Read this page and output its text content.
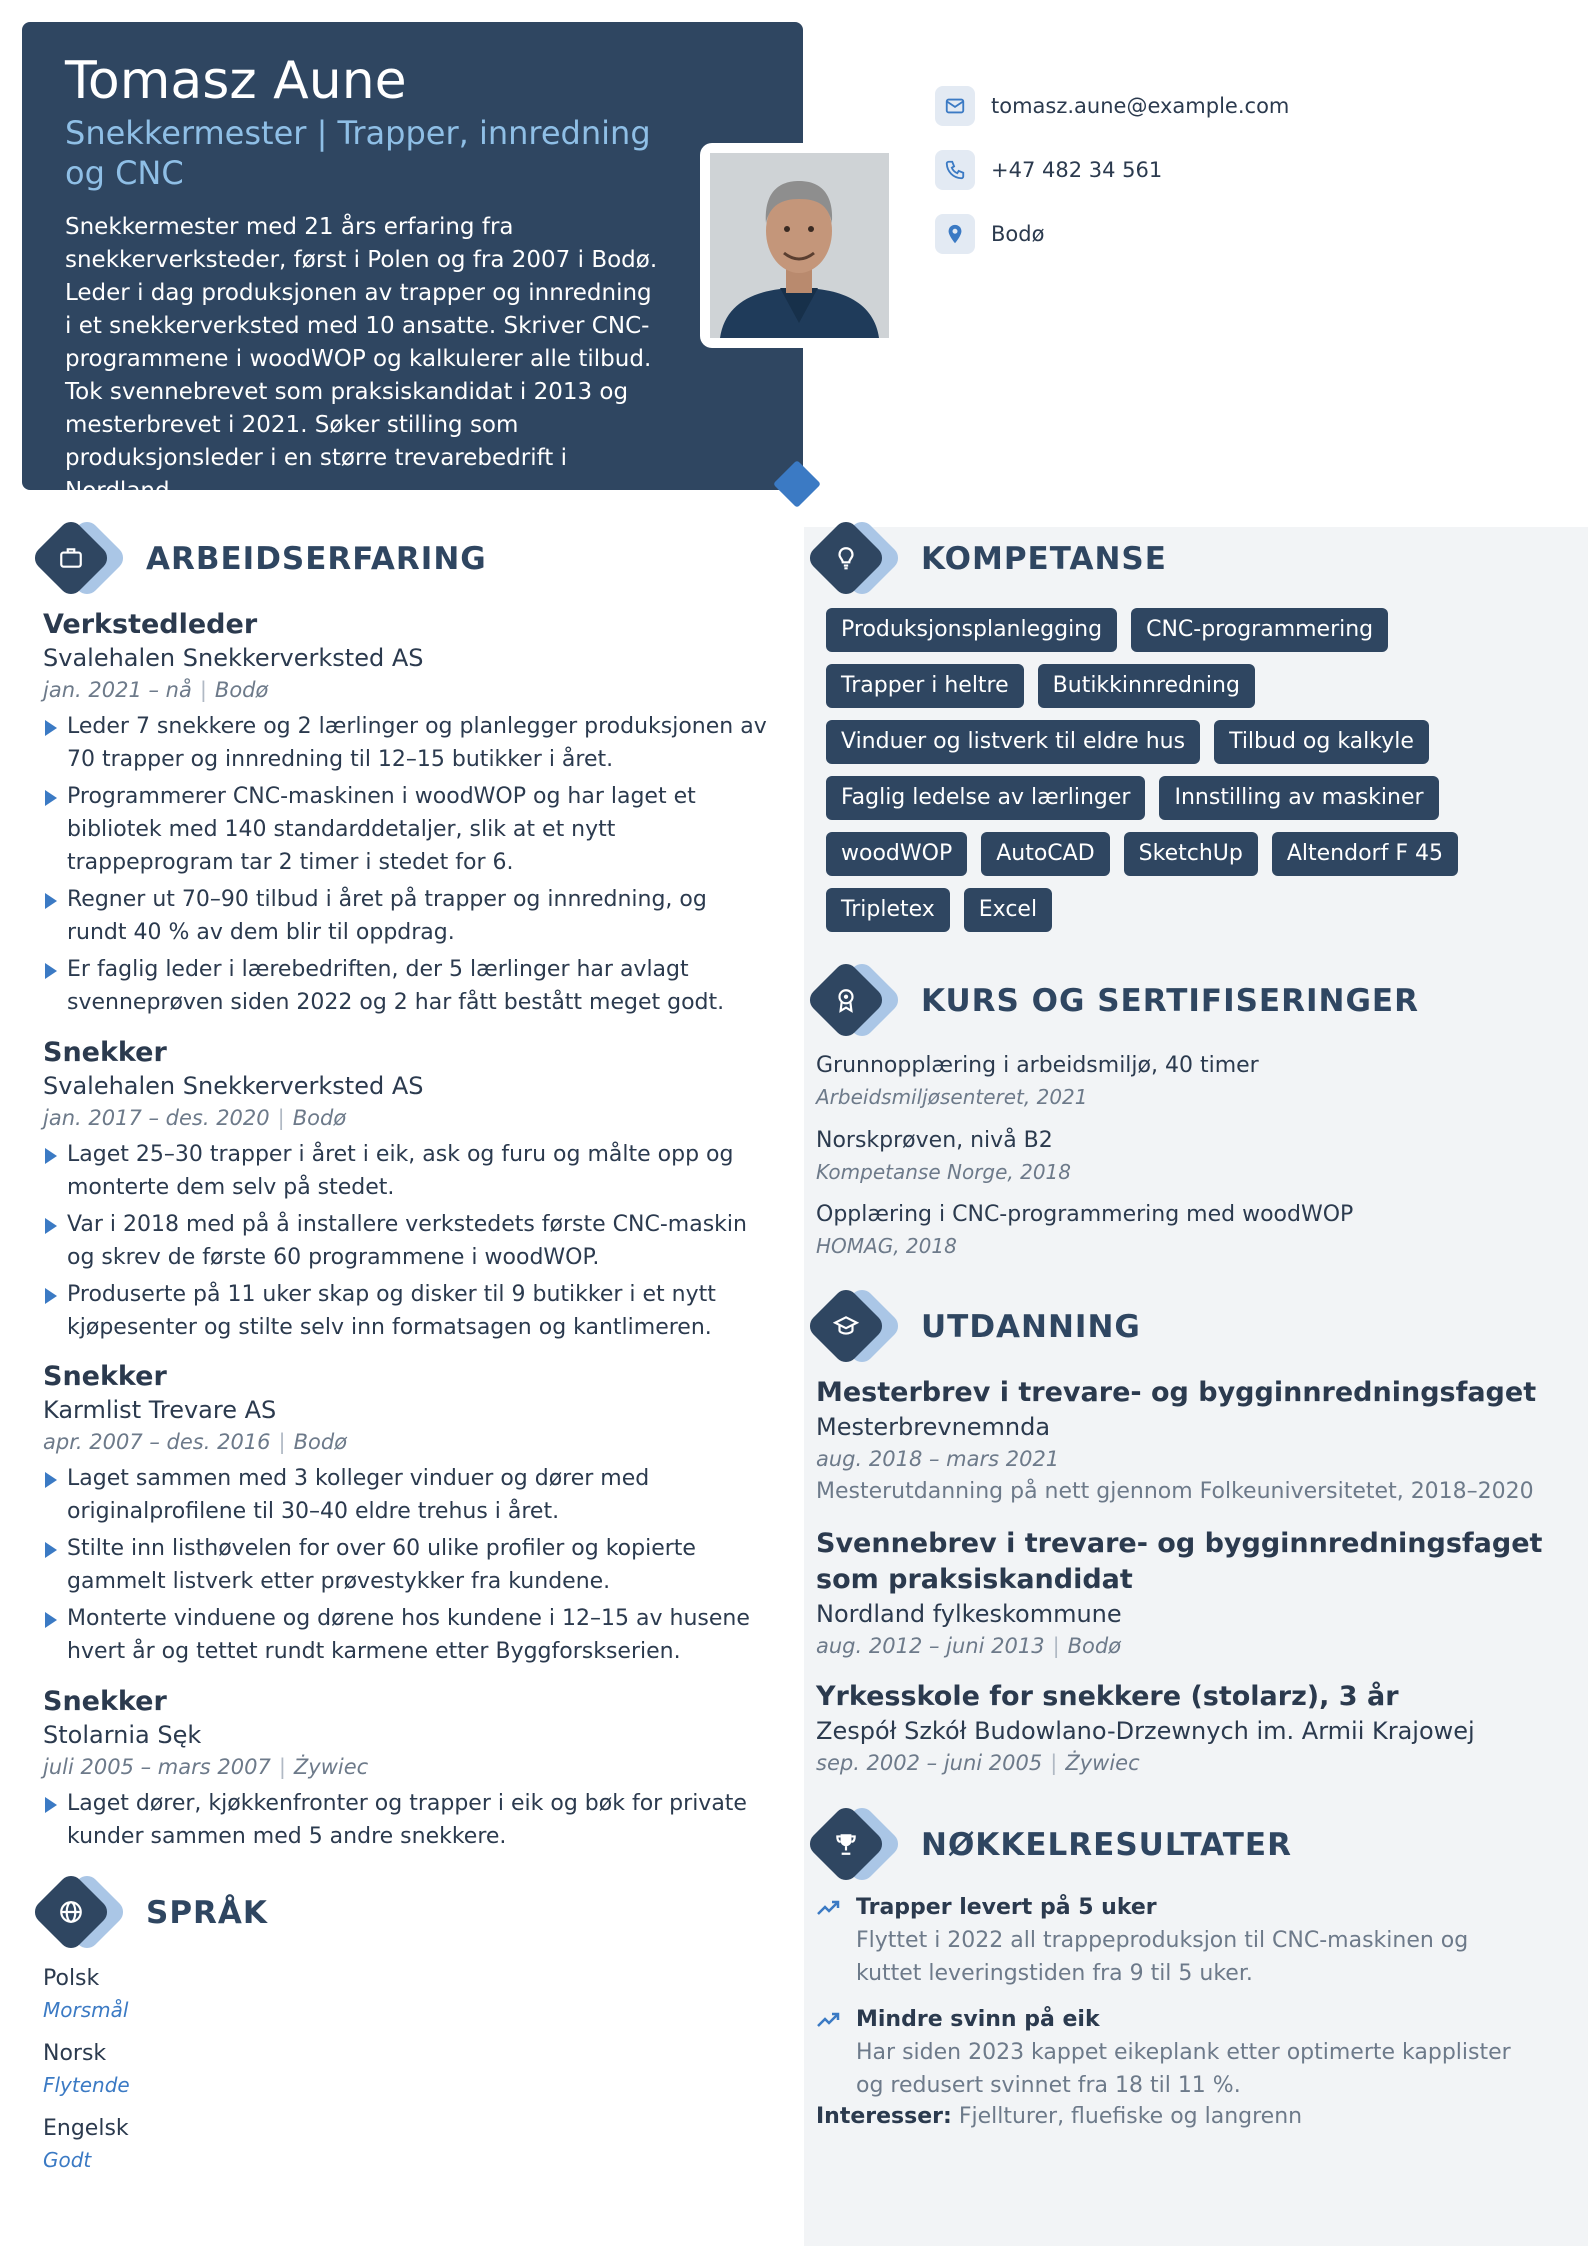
Tomasz Aune
Snekkermester | Trapper, innredning og CNC
Snekkermester med 21 års erfaring fra snekkerverksteder, først i Polen og fra 2007 i Bodø. Leder i dag produksjonen av trapper og innredning i et snekkerverksted med 10 ansatte. Skriver CNC-programmene i woodWOP og kalkulerer alle tilbud. Tok svennebrevet som praksiskandidat i 2013 og mesterbrevet i 2021. Søker stilling som produksjonsleder i en større trevarebedrift i Nordland.
tomasz.aune@example.com
+47 482 34 561
Bodø
ARBEIDSERFARING
Verkstedleder
Svalehalen Snekkerverksted AS
jan. 2021 – nå | Bodø
Leder 7 snekkere og 2 lærlinger og planlegger produksjonen av 70 trapper og innredning til 12–15 butikker i året.
Programmerer CNC-maskinen i woodWOP og har laget et bibliotek med 140 standarddetaljer, slik at et nytt trappeprogram tar 2 timer i stedet for 6.
Regner ut 70–90 tilbud i året på trapper og innredning, og rundt 40 % av dem blir til oppdrag.
Er faglig leder i lærebedriften, der 5 lærlinger har avlagt svenneprøven siden 2022 og 2 har fått bestått meget godt.
Snekker
Svalehalen Snekkerverksted AS
jan. 2017 – des. 2020 | Bodø
Laget 25–30 trapper i året i eik, ask og furu og målte opp og monterte dem selv på stedet.
Var i 2018 med på å installere verkstedets første CNC-maskin og skrev de første 60 programmene i woodWOP.
Produserte på 11 uker skap og disker til 9 butikker i et nytt kjøpesenter og stilte selv inn formatsagen og kantlimeren.
Snekker
Karmlist Trevare AS
apr. 2007 – des. 2016 | Bodø
Laget sammen med 3 kolleger vinduer og dører med originalprofilene til 30–40 eldre trehus i året.
Stilte inn listhøvelen for over 60 ulike profiler og kopierte gammelt listverk etter prøvestykker fra kundene.
Monterte vinduene og dørene hos kundene i 12–15 av husene hvert år og tettet rundt karmene etter Byggforskserien.
Snekker
Stolarnia Sęk
juli 2005 – mars 2007 | Żywiec
Laget dører, kjøkkenfronter og trapper i eik og bøk for private kunder sammen med 5 andre snekkere.
SPRÅK
Polsk
Morsmål
Norsk
Flytende
Engelsk
Godt
KOMPETANSE
Produksjonsplanlegging	CNC-programmering
Trapper i heltre	Butikkinnredning
Vinduer og listverk til eldre hus	Tilbud og kalkyle
Faglig ledelse av lærlinger	Innstilling av maskiner
woodWOP	AutoCAD	SketchUp	Altendorf F 45
Tripletex	Excel
KURS OG SERTIFISERINGER
Grunnopplæring i arbeidsmiljø, 40 timer
Arbeidsmiljøsenteret, 2021
Norskprøven, nivå B2
Kompetanse Norge, 2018
Opplæring i CNC-programmering med woodWOP
HOMAG, 2018
UTDANNING
Mesterbrev i trevare- og bygginnredningsfaget
Mesterbrevnemnda
aug. 2018 – mars 2021
Mesterutdanning på nett gjennom Folkeuniversitetet, 2018–2020
Svennebrev i trevare- og bygginnredningsfaget som praksiskandidat
Nordland fylkeskommune
aug. 2012 – juni 2013 | Bodø
Yrkesskole for snekkere (stolarz), 3 år
Zespół Szkół Budowlano-Drzewnych im. Armii Krajowej
sep. 2002 – juni 2005 | Żywiec
NØKKELRESULTATER
Trapper levert på 5 uker
Flyttet i 2022 all trappeproduksjon til CNC-maskinen og kuttet leveringstiden fra 9 til 5 uker.
Mindre svinn på eik
Har siden 2023 kappet eikeplank etter optimerte kapplister og redusert svinnet fra 18 til 11 %.
Interesser: Fjellturer, fluefiske og langrenn
